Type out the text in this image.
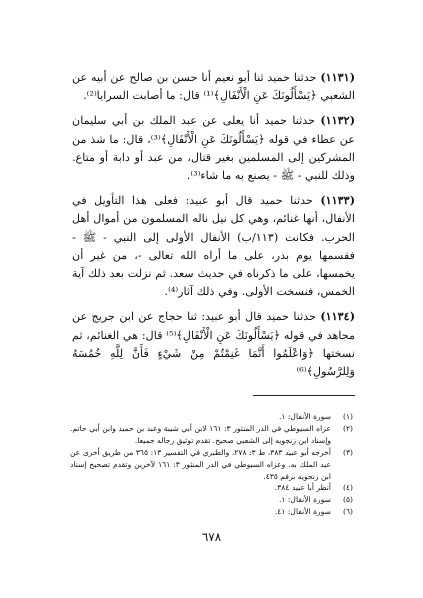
(١١٣١) حدثنا حميد ثنا أبو نعيم أنا حسن بن صالح عن أبيه عن الشعبي ﴿يَسْأَلُونَكَ عَنِ الْأَنْفَالِ﴾⁽¹⁾ قال: ما أصابت السرايا⁽²⁾.

(١١٣٢) حدثنا حميد أنا يعلى عن عبد الملك بن أبي سليمان عن عطاء في قوله ﴿يَسْأَلُونَكَ عَنِ الْأَنْفَالِ﴾⁽³⁾، قال: ما شذ من المشركين إلى المسلمين بغير قتال، من عبد أو دابة أو متاع. وذلك للنبي - ﷺ - يصنع به ما شاء⁽³⁾.

(١١٣٣) حدثنا حميد قال أبو عبيد: فعلى هذا التأويل في الأنفال، أنها غنائم، وهي كل نيل ناله المسلمون من أموال أهل الحرب. فكانت (١١٣/ب) الأنفال الأولى إلى النبي - ﷺ - فقسمها يوم بدر، على ما أراه الله تعالى -، من غير أن يخمسها، على ما ذكرناه في حديث سعد. ثم نزلت بعد ذلك آية الخمس، فنسخت الأولى. وفي ذلك آثار⁽⁴⁾.

(١١٣٤) حدثنا حميد قال أبو عبيد: ثنا حجاج عن ابن جريج عن مجاهد في قوله ﴿يَسْأَلُونَكَ عَنِ الْأَنْفَالِ﴾⁽⁵⁾ قال: هي الغنائم، ثم نسختها ﴿وَاعْلَمُوا أَنَّمَا غَنِمْتُمْ مِنْ شَيْءٍ فَأَنَّ لِلَّهِ خُمُسَهُ وَلِلرَّسُولِ﴾⁽⁶⁾

(١)
سورة الأنفال: ١.

(٢)
عزاه السيوطي في الدر المنثور ٣: ١٦١ لابن أبي شيبة وعبد بن حميد وابن أبي حاتم. وإسناد ابن زنجويه إلى الشعبي صحيح. تقدم توثيق رجاله جميعا.

(٣)
أخرجه أبو عبيد ٣٨٣، ط ٣: ٢٧٨، والطبري في التفسير ١٣: ٣٦٥ من طريق أخرى عن عبد الملك به. وعزاه السيوطي في الدر المنثور ٣: ١٦١ لآخرين وتقدم تصحيح إسناد ابن زنجويه برقم ٤٣٥.

(٤)
أنظر أبا عبيد ٣٨٤.

(٥)
سورة الأنفال: ١.

(٦)
سورة الأنفال: ٤١.

٦٧٨
